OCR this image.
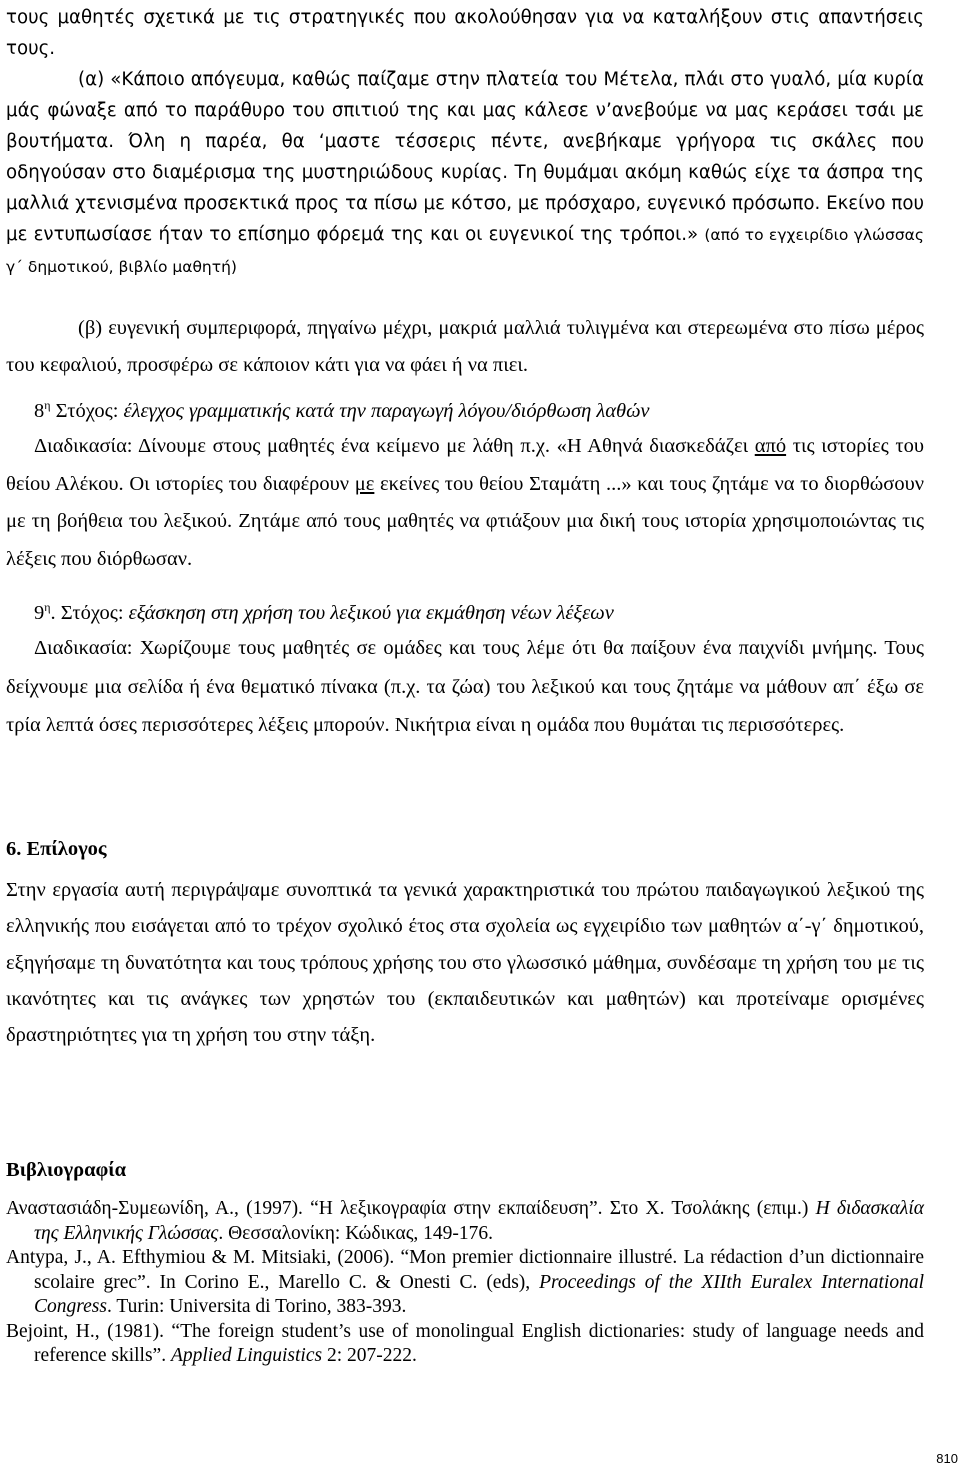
τους μαθητές σχετικά με τις στρατηγικές που ακολούθησαν για να καταλήξουν στις απαντήσεις τους.
(α) «Κάποιο απόγευμα, καθώς παίζαμε στην πλατεία του Μέτελα, πλάι στο γυαλό, μία κυρία μάς φώναξε από το παράθυρο του σπιτιού της και μας κάλεσε ν’ανεβούμε να μας κεράσει τσάι με βουτήματα. Όλη η παρέα, θα ‘μαστε τέσσερις πέντε, ανεβήκαμε γρήγορα τις σκάλες που οδηγούσαν στο διαμέρισμα της μυστηριώδους κυρίας. Τη θυμάμαι ακόμη καθώς είχε τα άσπρα της μαλλιά χτενισμένα προσεκτικά προς τα πίσω με κότσο, με πρόσχαρο, ευγενικό πρόσωπο. Εκείνο που με εντυπωσίασε ήταν το επίσημο φόρεμά της και οι ευγενικοί της τρόποι.» (από το εγχειρίδιο γλώσσας γ΄ δημοτικού, βιβλίο μαθητή)
(β) ευγενική συμπεριφορά, πηγαίνω μέχρι, μακριά μαλλιά τυλιγμένα και στερεωμένα στο πίσω μέρος του κεφαλιού, προσφέρω σε κάποιον κάτι για να φάει ή να πιει.
$8^\eta$ Στόχος: έλεγχος γραμματικής κατά την παραγωγή λόγου/διόρθωση λαθών
Διαδικασία: Δίνουμε στους μαθητές ένα κείμενο με λάθη π.χ. «Η Αθηνά διασκεδάζει από τις ιστορίες του θείου Αλέκου. Οι ιστορίες του διαφέρουν με εκείνες του θείου Σταμάτη ...» και τους ζητάμε να το διορθώσουν με τη βοήθεια του λεξικού. Ζητάμε από τους μαθητές να φτιάξουν μια δική τους ιστορία χρησιμοποιώντας τις λέξεις που διόρθωσαν.
$9^\eta$. Στόχος: εξάσκηση στη χρήση του λεξικού για εκμάθηση νέων λέξεων
Διαδικασία: Χωρίζουμε τους μαθητές σε ομάδες και τους λέμε ότι θα παίξουν ένα παιχνίδι μνήμης. Τους δείχνουμε μια σελίδα ή ένα θεματικό πίνακα (π.χ. τα ζώα) του λεξικού και τους ζητάμε να μάθουν απ΄ έξω σε τρία λεπτά όσες περισσότερες λέξεις μπορούν. Νικήτρια είναι η ομάδα που θυμάται τις περισσότερες.
6. Επίλογος
Στην εργασία αυτή περιγράψαμε συνοπτικά τα γενικά χαρακτηριστικά του πρώτου παιδαγωγικού λεξικού της ελληνικής που εισάγεται από το τρέχον σχολικό έτος στα σχολεία ως εγχειρίδιο των μαθητών α΄-γ΄ δημοτικού, εξηγήσαμε τη δυνατότητα και τους τρόπους χρήσης του στο γλωσσικό μάθημα, συνδέσαμε τη χρήση του με τις ικανότητες και τις ανάγκες των χρηστών του (εκπαιδευτικών και μαθητών) και προτείναμε ορισμένες δραστηριότητες για τη χρήση του στην τάξη.
Βιβλιογραφία

Αναστασιάδη-Συμεωνίδη, Α., (1997). “Η λεξικογραφία στην εκπαίδευση”. Στο Χ. Τσολάκης (επιμ.) Η διδασκαλία της Ελληνικής Γλώσσας. Θεσσαλονίκη: Κώδικας, 149-176.

Antypa, J., A. Efthymiou & M. Mitsiaki, (2006). “Mon premier dictionnaire illustré. La rédaction d’un dictionnaire scolaire grec”. In Corino E., Marello C. & Onesti C. (eds), Proceedings of the XIIth Euralex International Congress. Turin: Universita di Torino, 383-393.

Bejoint, H., (1981). “The foreign student’s use of monolingual English dictionaries: study of language needs and reference skills”. Applied Linguistics 2: 207-222.

810
